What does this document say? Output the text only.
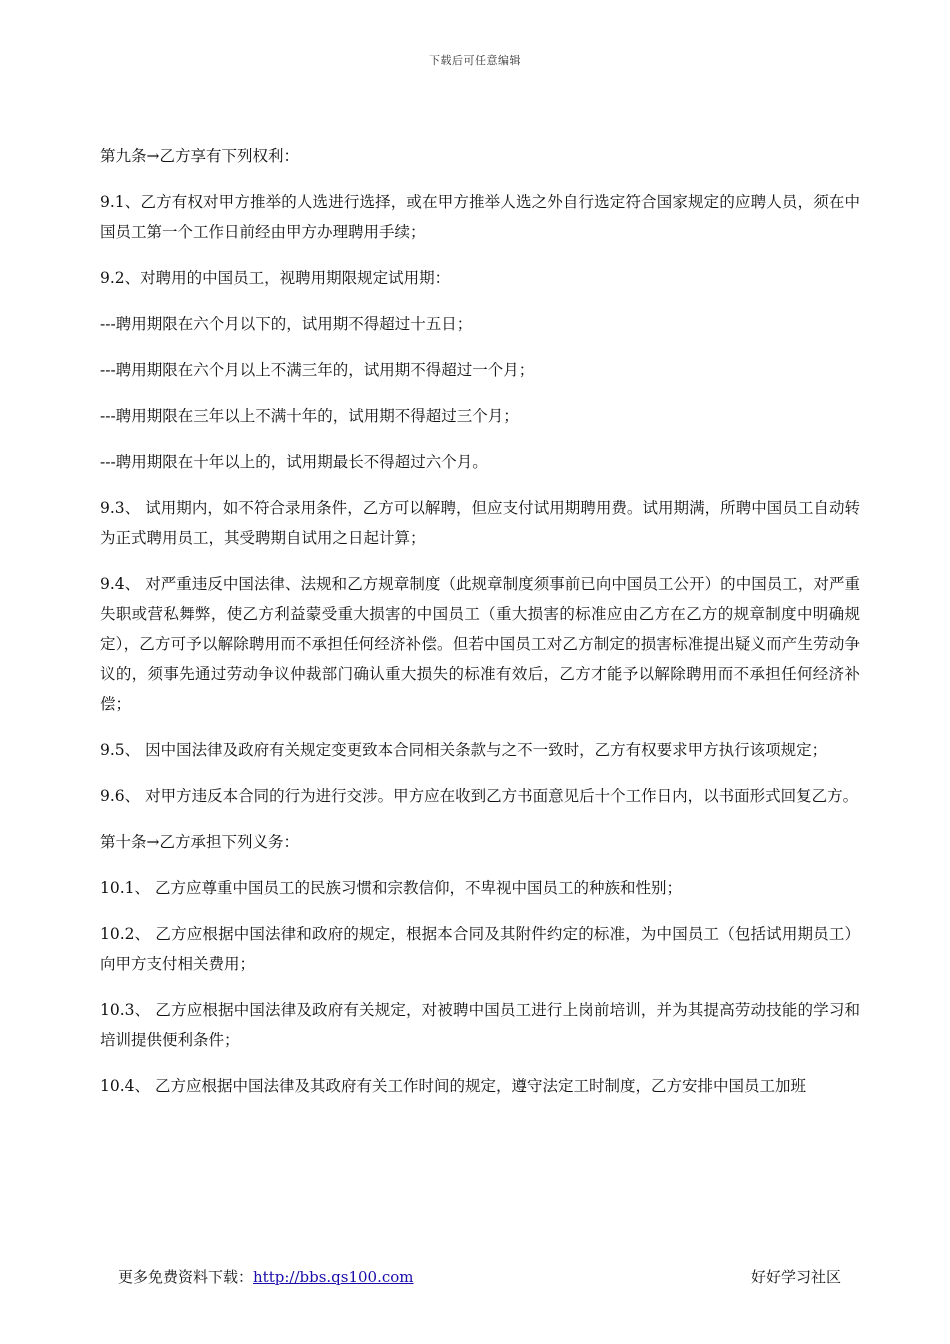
下载后可任意编辑

第九条→乙方享有下列权利：

9.1、乙方有权对甲方推举的人选进行选择，或在甲方推举人选之外自行选定符合国家规定的应聘人员，须在中国员工第一个工作日前经由甲方办理聘用手续；

9.2、对聘用的中国员工，视聘用期限规定试用期：

---聘用期限在六个月以下的，试用期不得超过十五日；

---聘用期限在六个月以上不满三年的，试用期不得超过一个月；

---聘用期限在三年以上不满十年的，试用期不得超过三个月；

---聘用期限在十年以上的，试用期最长不得超过六个月。

9.3、 试用期内，如不符合录用条件，乙方可以解聘，但应支付试用期聘用费。试用期满，所聘中国员工自动转为正式聘用员工，其受聘期自试用之日起计算；

9.4、 对严重违反中国法律、法规和乙方规章制度（此规章制度须事前已向中国员工公开）的中国员工，对严重失职或营私舞弊，使乙方利益蒙受重大损害的中国员工（重大损害的标准应由乙方在乙方的规章制度中明确规定），乙方可予以解除聘用而不承担任何经济补偿。但若中国员工对乙方制定的损害标准提出疑义而产生劳动争议的，须事先通过劳动争议仲裁部门确认重大损失的标准有效后，乙方才能予以解除聘用而不承担任何经济补偿；

9.5、 因中国法律及政府有关规定变更致本合同相关条款与之不一致时，乙方有权要求甲方执行该项规定；

9.6、 对甲方违反本合同的行为进行交涉。甲方应在收到乙方书面意见后十个工作日内，以书面形式回复乙方。

第十条→乙方承担下列义务：

10.1、 乙方应尊重中国员工的民族习惯和宗教信仰，不卑视中国员工的种族和性别；

10.2、 乙方应根据中国法律和政府的规定，根据本合同及其附件约定的标准，为中国员工（包括试用期员工）向甲方支付相关费用；

10.3、 乙方应根据中国法律及政府有关规定，对被聘中国员工进行上岗前培训，并为其提高劳动技能的学习和培训提供便利条件；

10.4、 乙方应根据中国法律及其政府有关工作时间的规定，遵守法定工时制度，乙方安排中国员工加班

更多免费资料下载：http://bbs.qs100.com	好好学习社区
